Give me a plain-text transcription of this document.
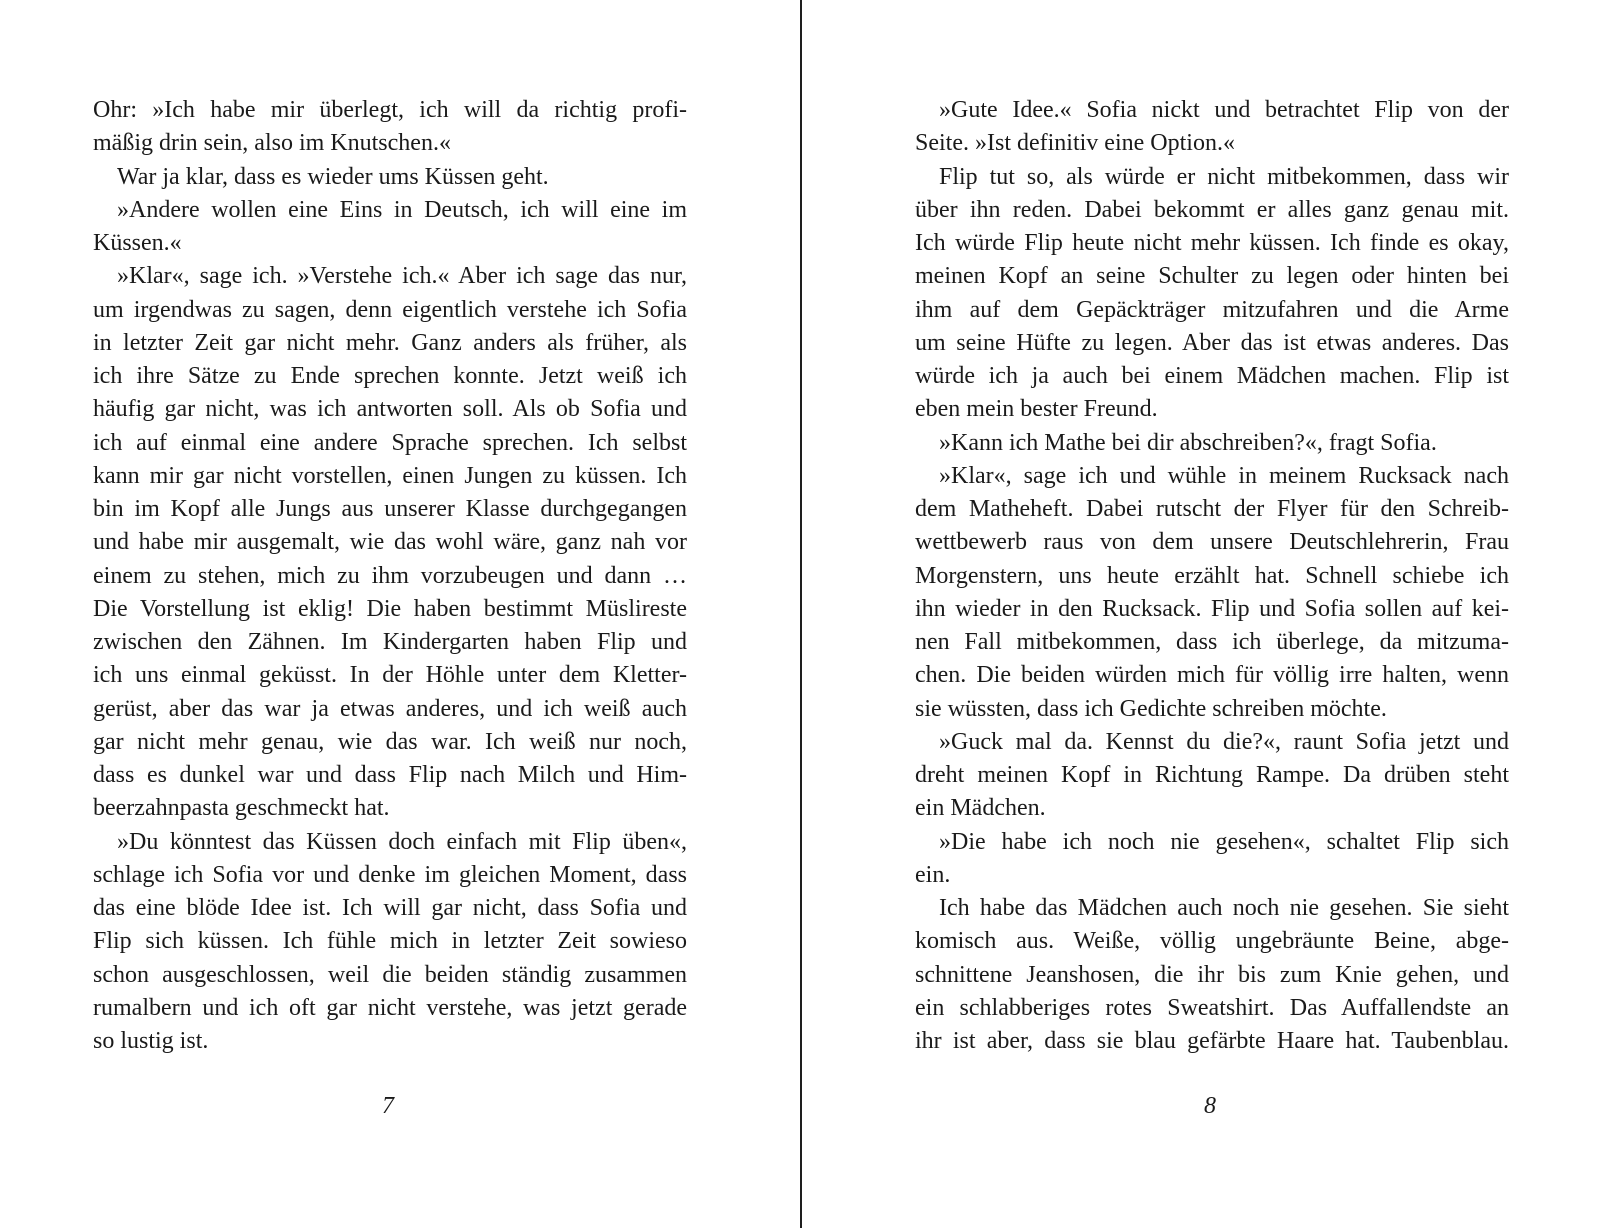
Ohr: »Ich habe mir überlegt, ich will da richtig profi-
mäßig drin sein, also im Knutschen.«
War ja klar, dass es wieder ums Küssen geht.
»Andere wollen eine Eins in Deutsch, ich will eine im
Küssen.«
»Klar«, sage ich. »Verstehe ich.« Aber ich sage das nur,
um irgendwas zu sagen, denn eigentlich verstehe ich Sofia
in letzter Zeit gar nicht mehr. Ganz anders als früher, als
ich ihre Sätze zu Ende sprechen konnte. Jetzt weiß ich
häufig gar nicht, was ich antworten soll. Als ob Sofia und
ich auf einmal eine andere Sprache sprechen. Ich selbst
kann mir gar nicht vorstellen, einen Jungen zu küssen. Ich
bin im Kopf alle Jungs aus unserer Klasse durchgegangen
und habe mir ausgemalt, wie das wohl wäre, ganz nah vor
einem zu stehen, mich zu ihm vorzubeugen und dann …
Die Vorstellung ist eklig! Die haben bestimmt Müslireste
zwischen den Zähnen. Im Kindergarten haben Flip und
ich uns einmal geküsst. In der Höhle unter dem Kletter-
gerüst, aber das war ja etwas anderes, und ich weiß auch
gar nicht mehr genau, wie das war. Ich weiß nur noch,
dass es dunkel war und dass Flip nach Milch und Him-
beerzahnpasta geschmeckt hat.
»Du könntest das Küssen doch einfach mit Flip üben«,
schlage ich Sofia vor und denke im gleichen Moment, dass
das eine blöde Idee ist. Ich will gar nicht, dass Sofia und
Flip sich küssen. Ich fühle mich in letzter Zeit sowieso
schon ausgeschlossen, weil die beiden ständig zusammen
rumalbern und ich oft gar nicht verstehe, was jetzt gerade
so lustig ist.
7
»Gute Idee.« Sofia nickt und betrachtet Flip von der
Seite. »Ist definitiv eine Option.«
Flip tut so, als würde er nicht mitbekommen, dass wir
über ihn reden. Dabei bekommt er alles ganz genau mit.
Ich würde Flip heute nicht mehr küssen. Ich finde es okay,
meinen Kopf an seine Schulter zu legen oder hinten bei
ihm auf dem Gepäckträger mitzufahren und die Arme
um seine Hüfte zu legen. Aber das ist etwas anderes. Das
würde ich ja auch bei einem Mädchen machen. Flip ist
eben mein bester Freund.
»Kann ich Mathe bei dir abschreiben?«, fragt Sofia.
»Klar«, sage ich und wühle in meinem Rucksack nach
dem Matheheft. Dabei rutscht der Flyer für den Schreib-
wettbewerb raus von dem unsere Deutschlehrerin, Frau
Morgenstern, uns heute erzählt hat. Schnell schiebe ich
ihn wieder in den Rucksack. Flip und Sofia sollen auf kei-
nen Fall mitbekommen, dass ich überlege, da mitzuma-
chen. Die beiden würden mich für völlig irre halten, wenn
sie wüssten, dass ich Gedichte schreiben möchte.
»Guck mal da. Kennst du die?«, raunt Sofia jetzt und
dreht meinen Kopf in Richtung Rampe. Da drüben steht
ein Mädchen.
»Die habe ich noch nie gesehen«, schaltet Flip sich
ein.
Ich habe das Mädchen auch noch nie gesehen. Sie sieht
komisch aus. Weiße, völlig ungebräunte Beine, abge-
schnittene Jeanshosen, die ihr bis zum Knie gehen, und
ein schlabberiges rotes Sweatshirt. Das Auffallendste an
ihr ist aber, dass sie blau gefärbte Haare hat. Taubenblau.
8
